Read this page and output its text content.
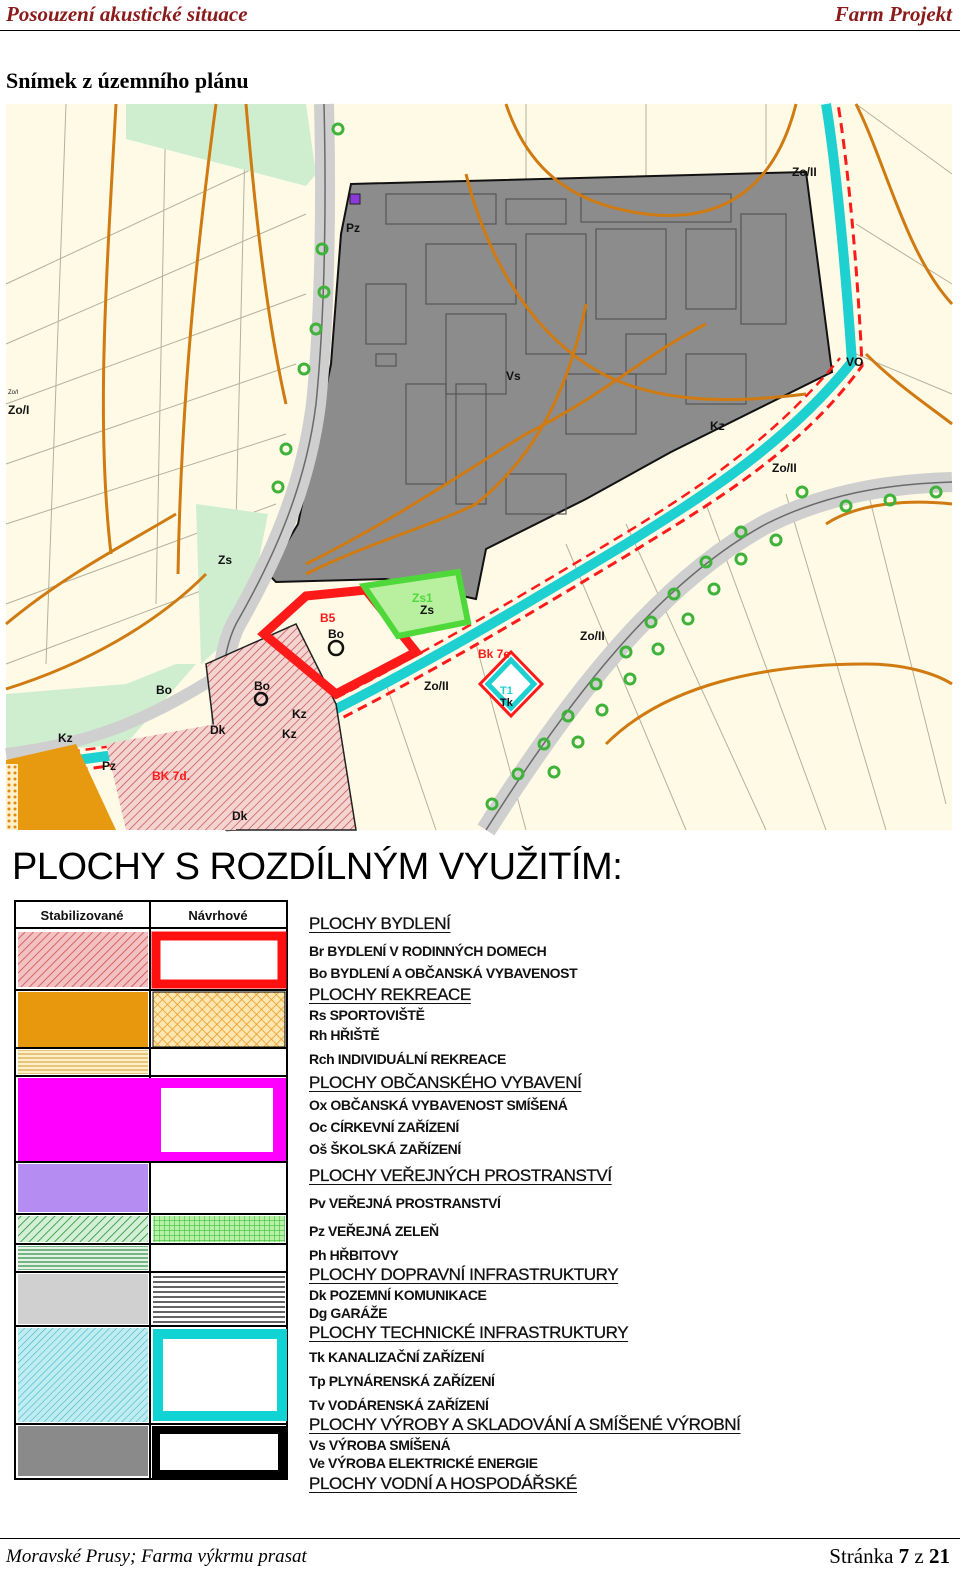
Posouzení akustické situace	Farm Projekt
Snímek z územního plánu
Zo/II
Zo/I
Pz
Vs
VO
Kz
Zo/II
Zs
B5
Zs1
Zs
Bo	Zo/II
Bk 7e
T1
Tk
Zo/II
Bo	Bo
Dk
Kz
Kz
Kz
Pz
BK 7d.
Dk
Zo/I
PLOCHY S ROZDÍLNÝM VYUŽITÍM:
Stabilizované	Návrhové	PLOCHY BYDLENÍ
Br BYDLENÍ V RODINNÝCH DOMECH
Bo BYDLENÍ A OBČANSKÁ VYBAVENOST
PLOCHY REKREACE
Rs SPORTOVIŠTĚ
Rh HŘIŠTĚ
Rch INDIVIDUÁLNÍ REKREACE
PLOCHY OBČANSKÉHO VYBAVENÍ
Ox OBČANSKÁ VYBAVENOST SMÍŠENÁ
Oc CÍRKEVNÍ ZAŘÍZENÍ
Oš ŠKOLSKÁ ZAŘÍZENÍ
PLOCHY VEŘEJNÝCH PROSTRANSTVÍ
Pv VEŘEJNÁ PROSTRANSTVÍ
Pz VEŘEJNÁ ZELEŇ
Ph HŘBITOVY
PLOCHY DOPRAVNÍ INFRASTRUKTURY
Dk POZEMNÍ KOMUNIKACE
Dg GARÁŽE
PLOCHY TECHNICKÉ INFRASTRUKTURY
Tk KANALIZAČNÍ ZAŘÍZENÍ
Tp PLYNÁRENSKÁ ZAŘÍZENÍ
Tv VODÁRENSKÁ ZAŘÍZENÍ
PLOCHY VÝROBY A SKLADOVÁNÍ A SMÍŠENÉ VÝROBNÍ
Vs VÝROBA SMÍŠENÁ
Ve VÝROBA ELEKTRICKÉ ENERGIE
PLOCHY VODNÍ A HOSPODÁŘSKÉ
Moravské Prusy; Farma výkrmu prasat	Stránka 7 z 21
